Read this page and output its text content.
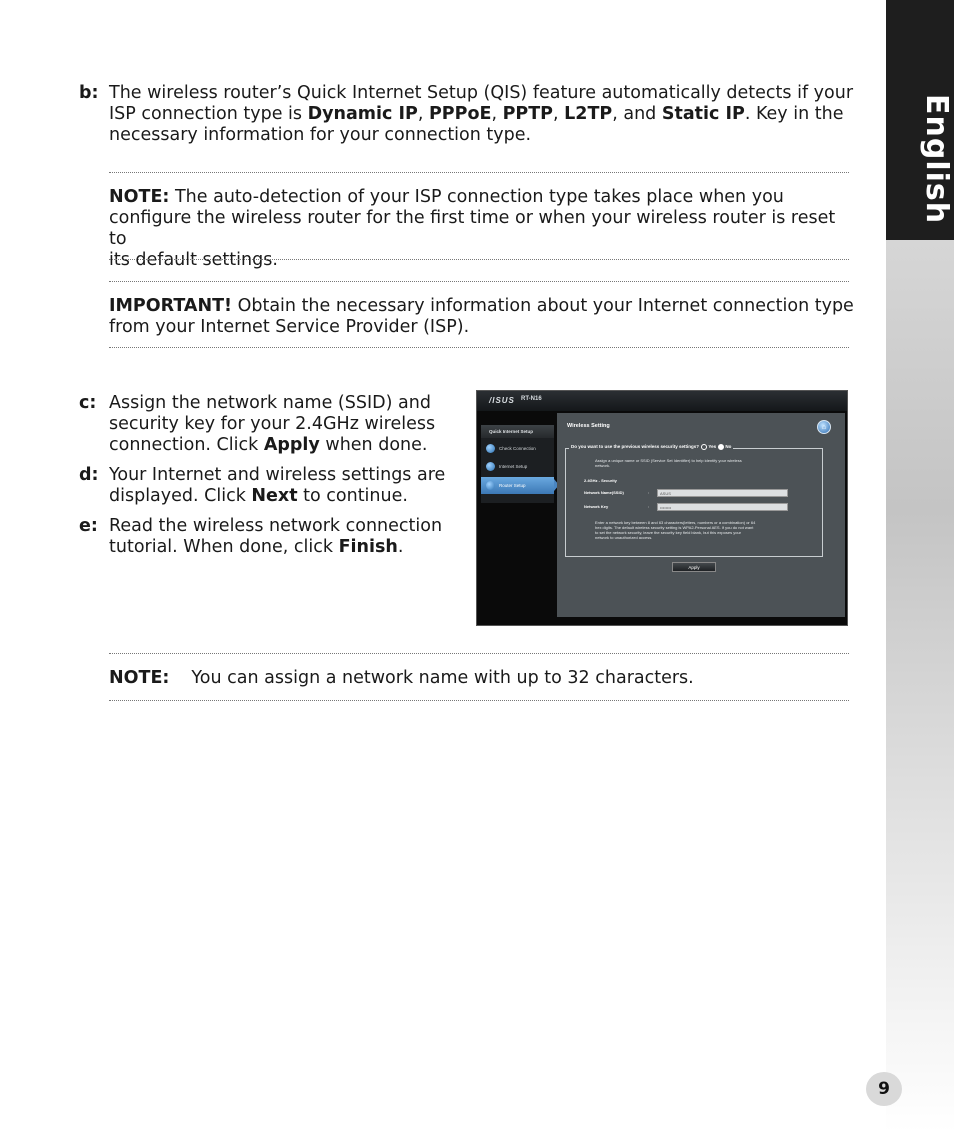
English
b: The wireless router’s Quick Internet Setup (QIS) feature automatically detects if your
ISP connection type is Dynamic IP, PPPoE, PPTP, L2TP, and Static IP. Key in the
necessary information for your connection type.
NOTE: The auto-detection of your ISP connection type takes place when you
configure the wireless router for the first time or when your wireless router is reset to
its default settings.
IMPORTANT! Obtain the necessary information about your Internet connection type
from your Internet Service Provider (ISP).
c: Assign the network name (SSID) and
security key for your 2.4GHz wireless
connection. Click Apply when done.
d: Your Internet and wireless settings are
displayed. Click Next to continue.
e: Read the wireless network connection
tutorial. When done, click Finish.
/ISUS RT-N16
Quick Internet Setup
Check Connection
Internet Setup
Router Setup
Wireless Setting	⌂
Do you want to use the previous wireless security settings? Yes No
Assign a unique name or SSID (Service Set Identifier) to help identify your wireless
network.
2.4GHz - Security
Network Name(SSID)	:	ASUS
Network Key	:	••••••••
Enter a network key between 8 and 63 characters(letters, numbers or a combination) or 64
hex digits. The default wireless security setting is WPA2-Personal AES. If you do not want
to set the network security, leave the security key field blank, but this exposes your
network to unauthorized access.
Apply
NOTE: You can assign a network name with up to 32 characters.
9
